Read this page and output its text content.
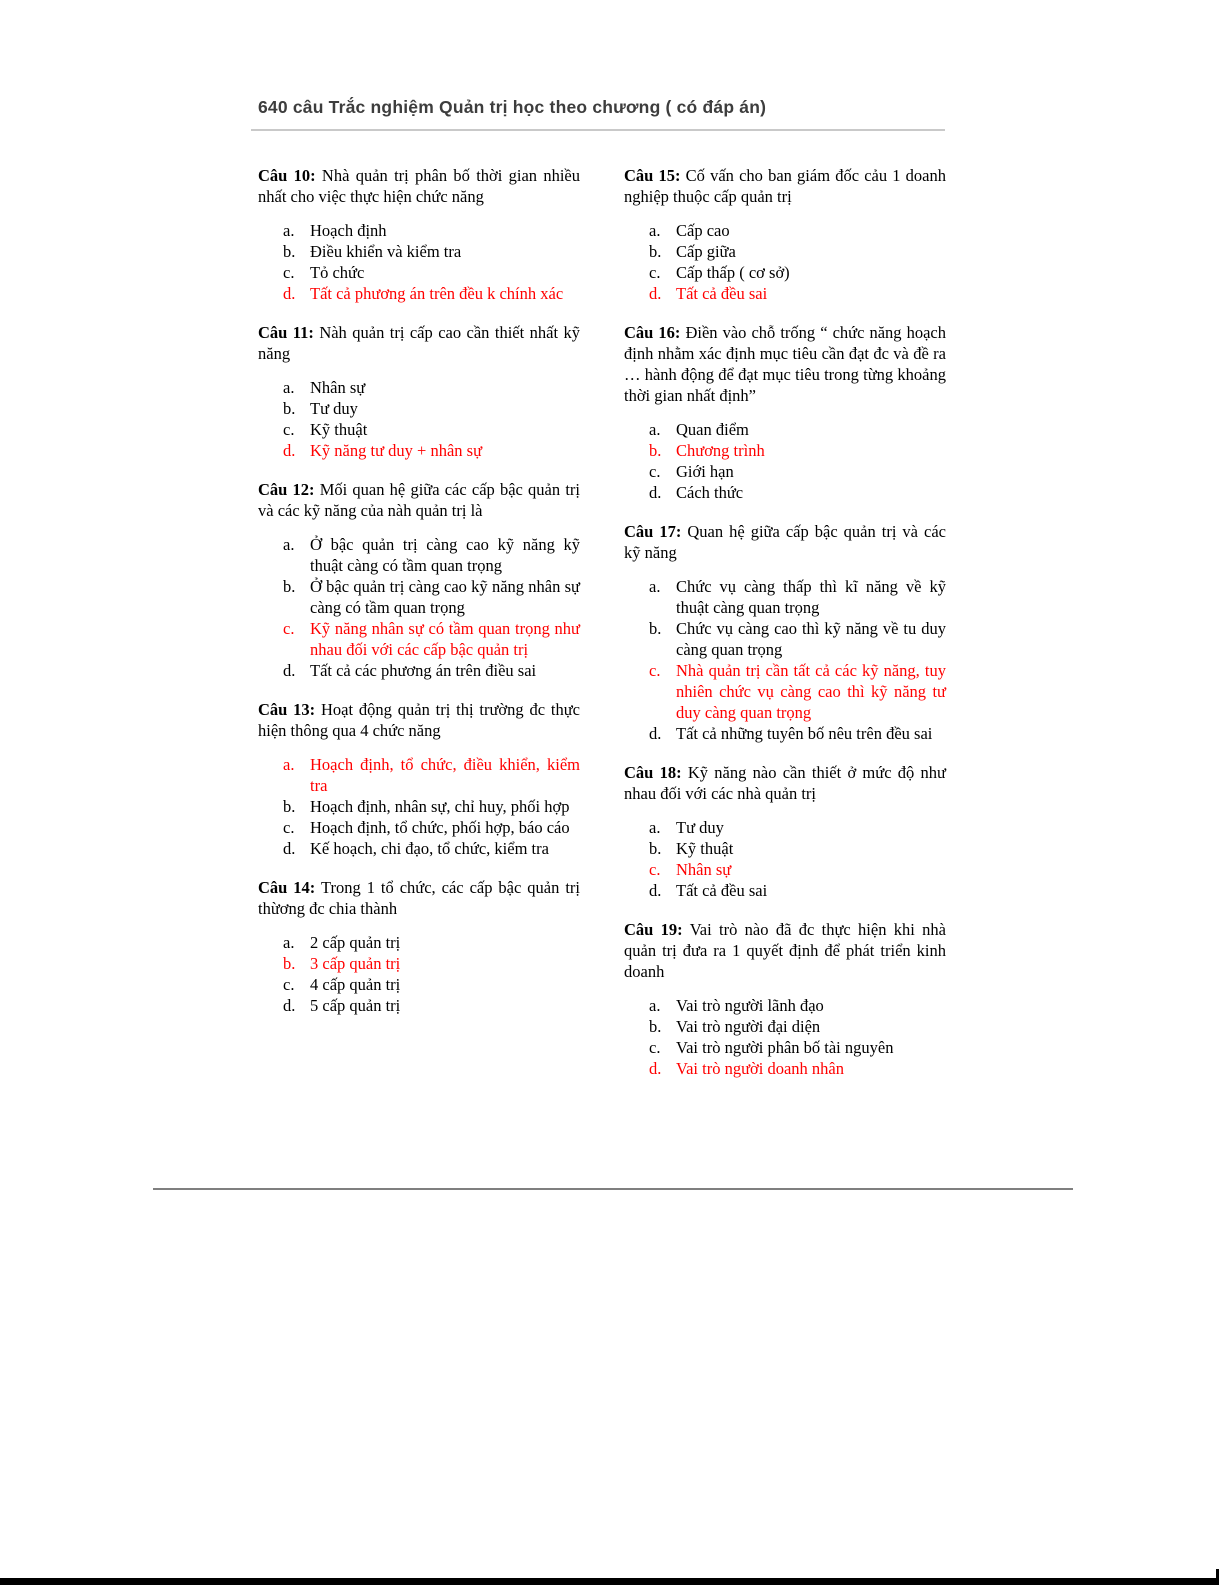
640 câu Trắc nghiệm Quản trị học theo chương ( có đáp án)

Câu 10: Nhà quản trị phân bố thời gian nhiều nhất cho việc thực hiện chức năng

a. Hoạch định
b. Điều khiển và kiểm tra
c. Tỏ chức
d. Tất cả phương án trên đều k chính xác

Câu 11: Nàh quản trị cấp cao cần thiết nhất kỹ năng

a. Nhân sự
b. Tư duy
c. Kỹ thuật
d. Kỹ năng tư duy + nhân sự

Câu 12: Mối quan hệ giữa các cấp bậc quản trị và các kỹ năng của nàh quản trị là

a. Ở bậc quản trị càng cao kỹ năng kỹ thuật càng có tầm quan trọng
b. Ở bậc quản trị càng cao kỹ năng nhân sự càng có tầm quan trọng
c. Kỹ năng nhân sự có tầm quan trọng như nhau đối với các cấp bậc quản trị
d. Tất cả các phương án trên điều sai

Câu 13: Hoạt động quản trị thị trường đc thực hiện thông qua 4 chức năng

a. Hoạch định, tổ chức, điều khiển, kiểm tra
b. Hoạch định, nhân sự, chỉ huy, phối hợp
c. Hoạch định, tổ chức, phối hợp, báo cáo
d. Kế hoạch, chi đạo, tổ chức, kiểm tra

Câu 14: Trong 1 tổ chức, các cấp bậc quản trị thừơng đc chia thành

a. 2 cấp quản trị
b. 3 cấp quản trị
c. 4 cấp quản trị
d. 5 cấp quản trị

Câu 15: Cố vấn cho ban giám đốc cảu 1 doanh nghiệp thuộc cấp quản trị

a. Cấp cao
b. Cấp giữa
c. Cấp thấp ( cơ sở)
d. Tất cả đều sai

Câu 16: Điền vào chỗ trống “ chức năng hoạch định nhằm xác định mục tiêu cần đạt đc và đề ra … hành động để đạt mục tiêu trong từng khoảng thời gian nhất định”

a. Quan điểm
b. Chương trình
c. Giới hạn
d. Cách thức

Câu 17: Quan hệ giữa cấp bậc quản trị và các kỹ năng

a. Chức vụ càng thấp thì kĩ năng về kỹ thuật càng quan trọng
b. Chức vụ càng cao thì kỹ năng về tu duy càng quan trọng
c. Nhà quản trị cần tất cả các kỹ năng, tuy nhiên chức vụ càng cao thì kỹ năng tư duy càng quan trọng
d. Tất cả những tuyên bố nêu trên đều sai

Câu 18: Kỹ năng nào cần thiết ở mức độ như nhau đối với các nhà quản trị

a. Tư duy
b. Kỹ thuật
c. Nhân sự
d. Tất cả đều sai

Câu 19: Vai trò nào đã đc thực hiện khi nhà quản trị đưa ra 1 quyết định để phát triển kinh doanh

a. Vai trò người lãnh đạo
b. Vai trò người đại diện
c. Vai trò người phân bố tài nguyên
d. Vai trò người doanh nhân
